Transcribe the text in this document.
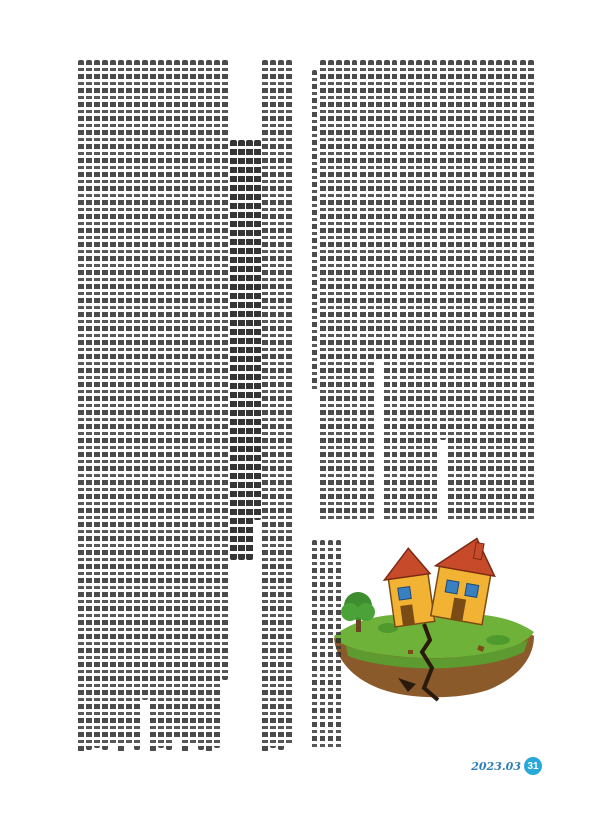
2023.03 31
